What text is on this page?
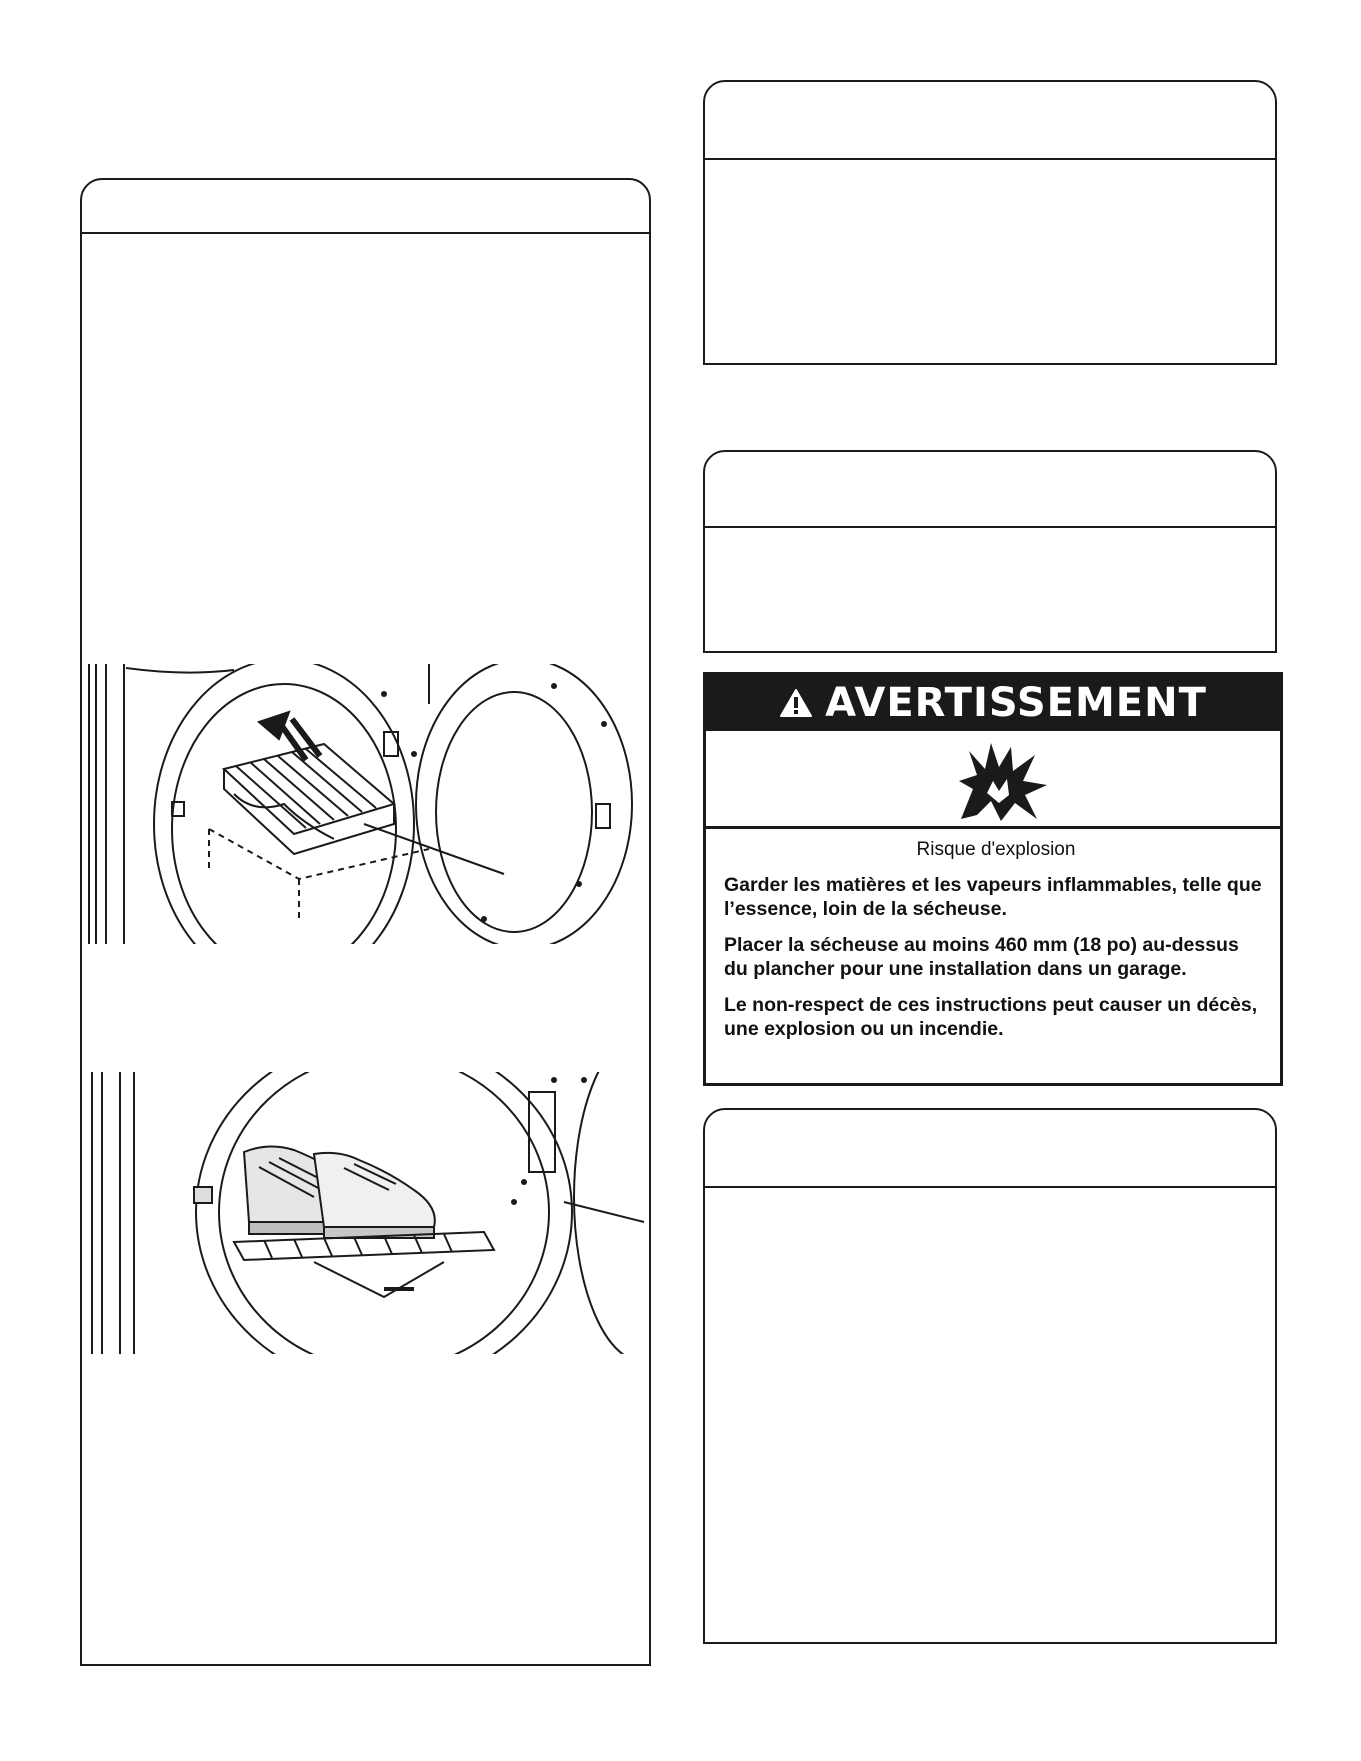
AVERTISSEMENT
Risque d'explosion

Garder les matières et les vapeurs inflammables, telle que l’essence, loin de la sécheuse.

Placer la sécheuse au moins 460 mm (18 po) au-dessus du plancher pour une installation dans un garage.

Le non-respect de ces instructions peut causer un décès, une explosion ou un incendie.
